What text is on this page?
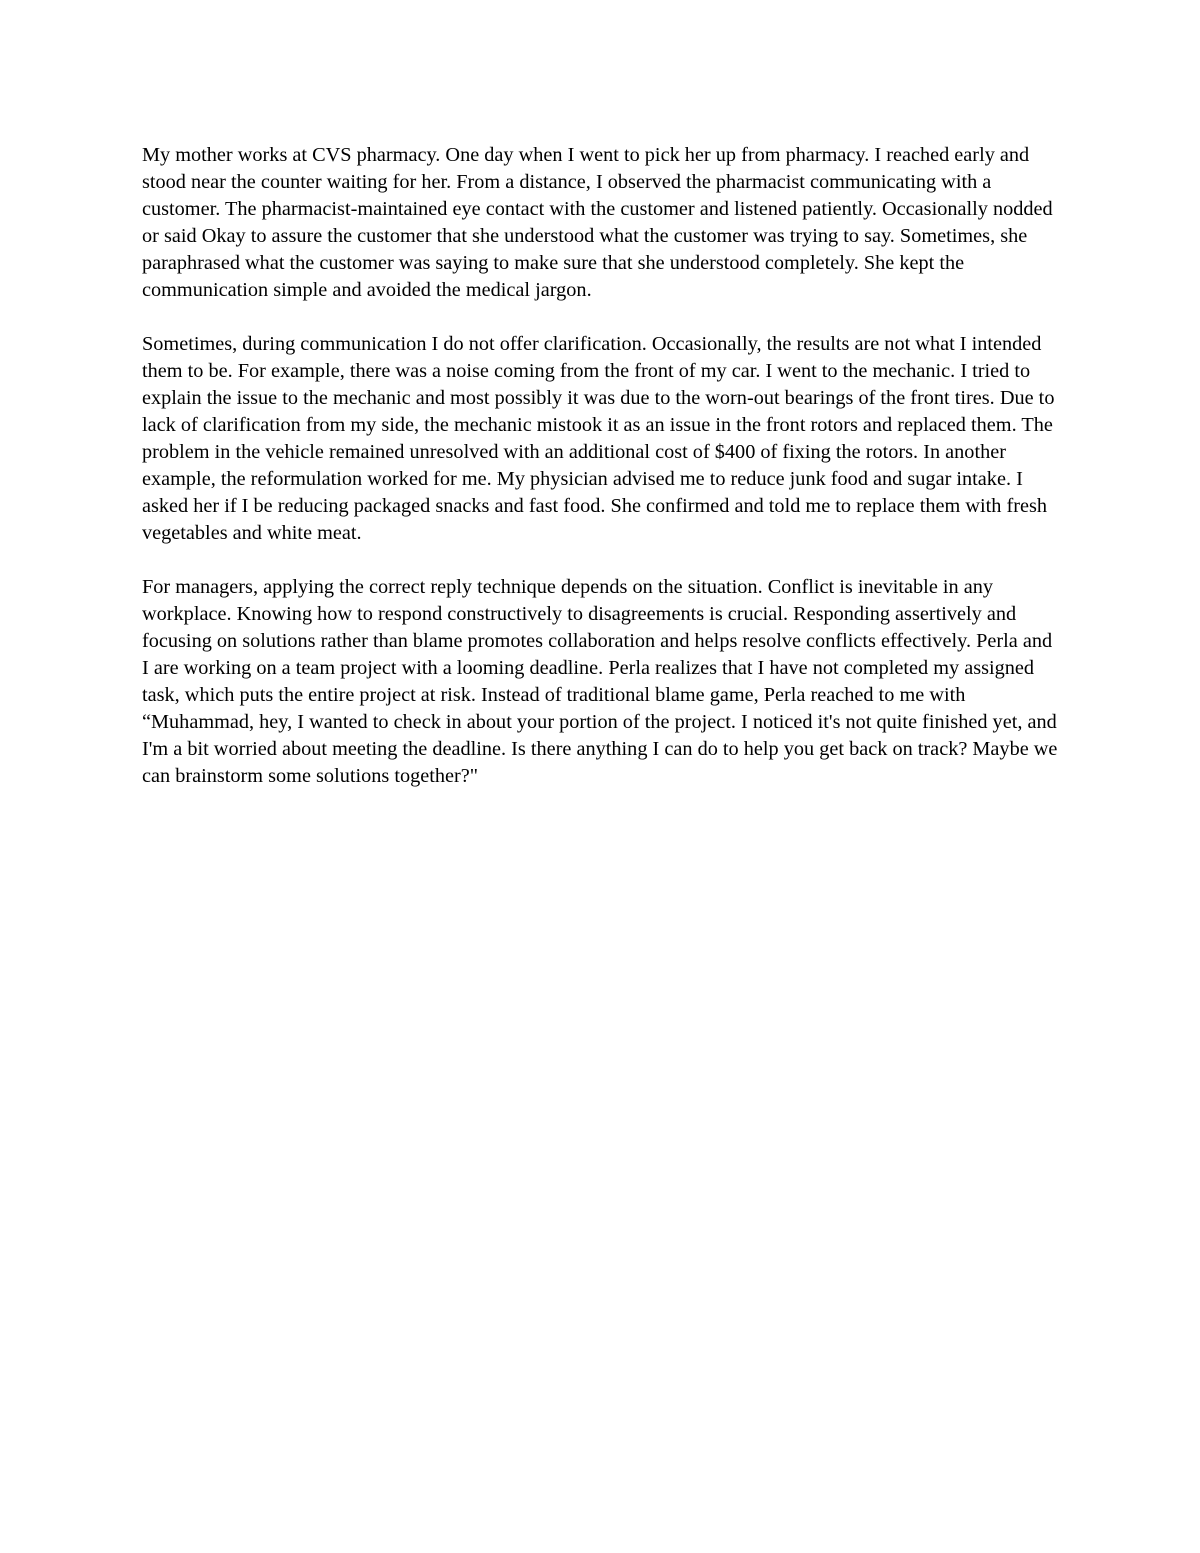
My mother works at CVS pharmacy. One day when I went to pick her up from pharmacy. I reached early and stood near the counter waiting for her. From a distance, I observed the pharmacist communicating with a customer. The pharmacist-maintained eye contact with the customer and listened patiently. Occasionally nodded or said Okay to assure the customer that she understood what the customer was trying to say. Sometimes, she paraphrased what the customer was saying to make sure that she understood completely. She kept the communication simple and avoided the medical jargon.

Sometimes, during communication I do not offer clarification. Occasionally, the results are not what I intended them to be. For example, there was a noise coming from the front of my car. I went to the mechanic. I tried to explain the issue to the mechanic and most possibly it was due to the worn-out bearings of the front tires. Due to lack of clarification from my side, the mechanic mistook it as an issue in the front rotors and replaced them. The problem in the vehicle remained unresolved with an additional cost of $400 of fixing the rotors. In another example, the reformulation worked for me. My physician advised me to reduce junk food and sugar intake. I asked her if I be reducing packaged snacks and fast food. She confirmed and told me to replace them with fresh vegetables and white meat.

For managers, applying the correct reply technique depends on the situation. Conflict is inevitable in any workplace. Knowing how to respond constructively to disagreements is crucial. Responding assertively and focusing on solutions rather than blame promotes collaboration and helps resolve conflicts effectively. Perla and I are working on a team project with a looming deadline. Perla realizes that I have not completed my assigned task, which puts the entire project at risk. Instead of traditional blame game, Perla reached to me with “Muhammad, hey, I wanted to check in about your portion of the project. I noticed it's not quite finished yet, and I'm a bit worried about meeting the deadline. Is there anything I can do to help you get back on track? Maybe we can brainstorm some solutions together?"
